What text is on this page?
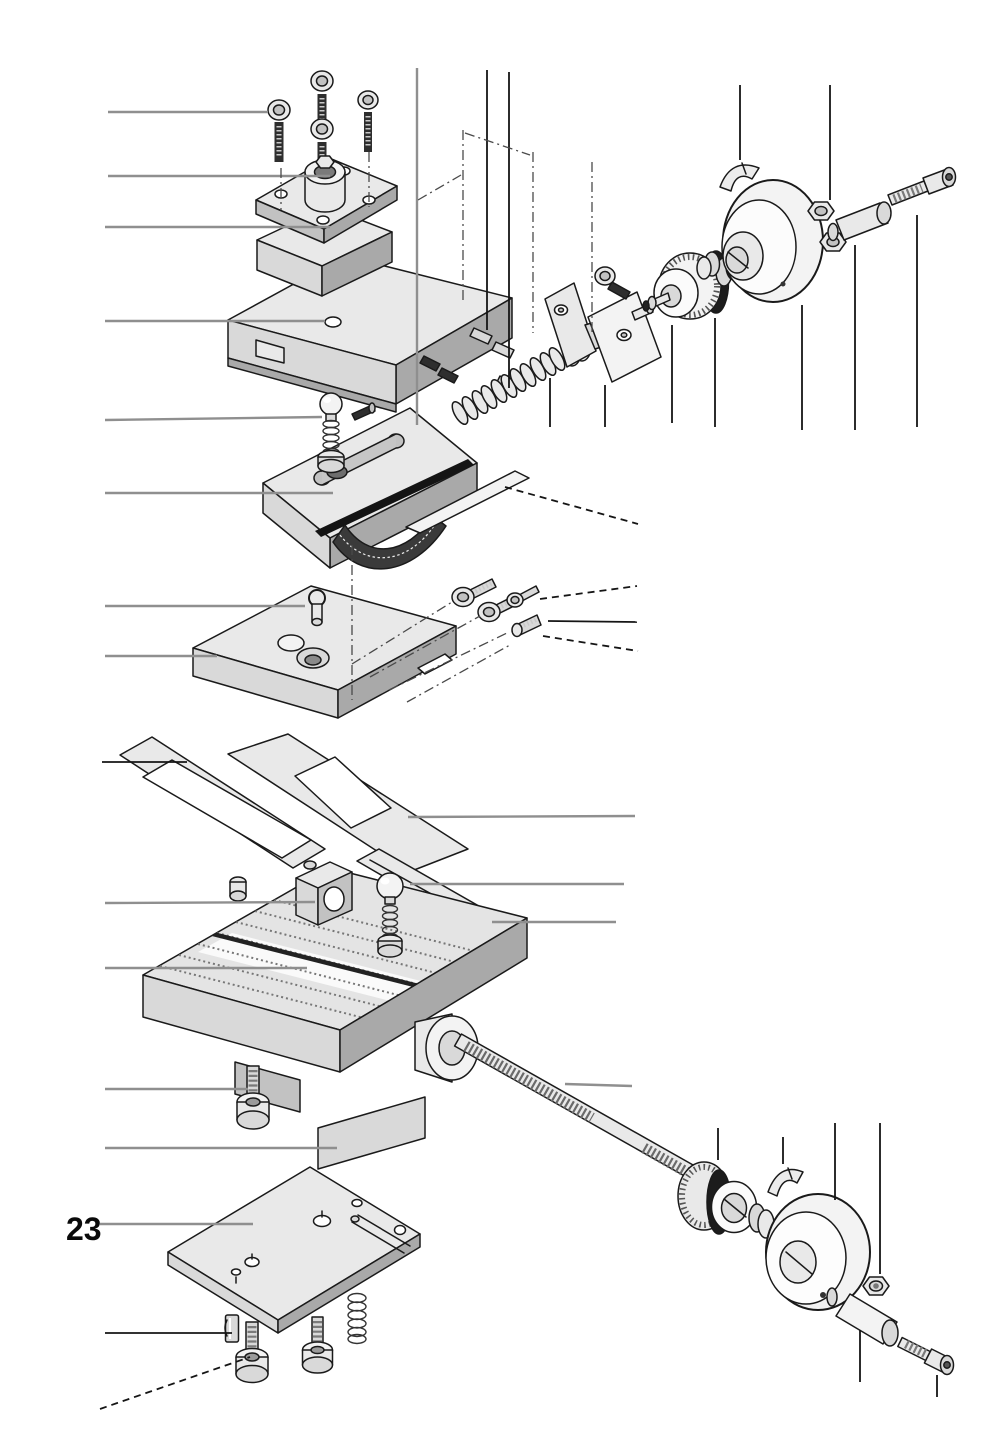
23
